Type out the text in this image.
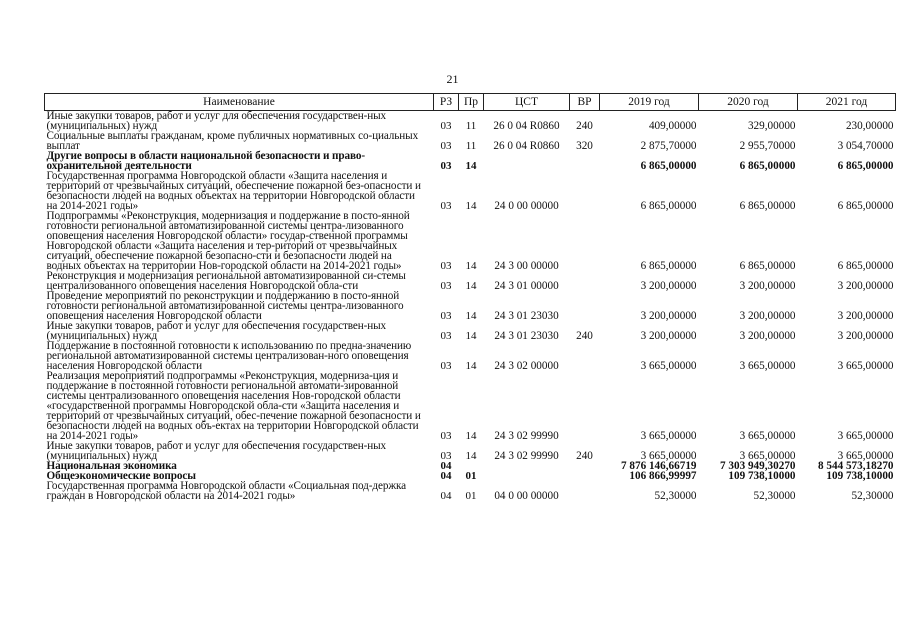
21
Наименование	РЗ	Пр	ЦСТ	ВР	2019 год	2020 год	2021 год
Иные закупки товаров, работ и услуг для обеспечения государствен-ных (муниципальных) нужд	03	11	26 0 04 R0860	240	409,00000	329,00000	230,00000
Социальные выплаты гражданам, кроме публичных нормативных со-циальных выплат	03	11	26 0 04 R0860	320	2 875,70000	2 955,70000	3 054,70000
Другие вопросы в области национальной безопасности и право-охранительной деятельности	03	14			6 865,00000	6 865,00000	6 865,00000
Государственная программа Новгородской области «Защита населения и территорий от чрезвычайных ситуаций, обеспечение пожарной без-опасности и безопасности людей на водных объектах на территории Новгородской области на 2014-2021 годы»	03	14	24 0 00 00000		6 865,00000	6 865,00000	6 865,00000
Подпрограммы «Реконструкция, модернизация и поддержание в посто-янной готовности региональной автоматизированной системы центра-лизованного оповещения населения Новгородской области» государ-ственной программы Новгородской области «Защита населения и тер-риторий от чрезвычайных ситуаций, обеспечение пожарной безопасно-сти и безопасности людей на водных объектах на территории Нов-городской области на 2014-2021 годы»	03	14	24 3 00 00000		6 865,00000	6 865,00000	6 865,00000
Реконструкция и модернизация региональной автоматизированной си-стемы централизованного оповещения населения Новгородской обла-сти	03	14	24 3 01 00000		3 200,00000	3 200,00000	3 200,00000
Проведение мероприятий по реконструкции и поддержанию в посто-янной готовности региональной автоматизированной системы центра-лизованного оповещения населения Новгородской области	03	14	24 3 01 23030		3 200,00000	3 200,00000	3 200,00000
Иные закупки товаров, работ и услуг для обеспечения государствен-ных (муниципальных) нужд	03	14	24 3 01 23030	240	3 200,00000	3 200,00000	3 200,00000
Поддержание в постоянной готовности к использованию по предна-значению региональной автоматизированной системы централизован-ного оповещения населения Новгородской области	03	14	24 3 02 00000		3 665,00000	3 665,00000	3 665,00000
Реализация мероприятий подпрограммы «Реконструкция, модерниза-ция и поддержание в постоянной готовности региональной автомати-зированной системы централизованного оповещения населения Нов-городской области «государственной программы Новгородской обла-сти «Защита населения и территорий от чрезвычайных ситуаций, обес-печение пожарной безопасности и безопасности людей на водных объ-ектах на территории Новгородской области на 2014-2021 годы»	03	14	24 3 02 99990		3 665,00000	3 665,00000	3 665,00000
Иные закупки товаров, работ и услуг для обеспечения государствен-ных (муниципальных) нужд	03	14	24 3 02 99990	240	3 665,00000	3 665,00000	3 665,00000
Национальная экономика	04				7 876 146,66719	7 303 949,30270	8 544 573,18270
Общеэкономические вопросы	04	01			106 866,99997	109 738,10000	109 738,10000
Государственная программа Новгородской области «Социальная под-держка граждан в Новгородской области на 2014-2021 годы»	04	01	04 0 00 00000		52,30000	52,30000	52,30000
